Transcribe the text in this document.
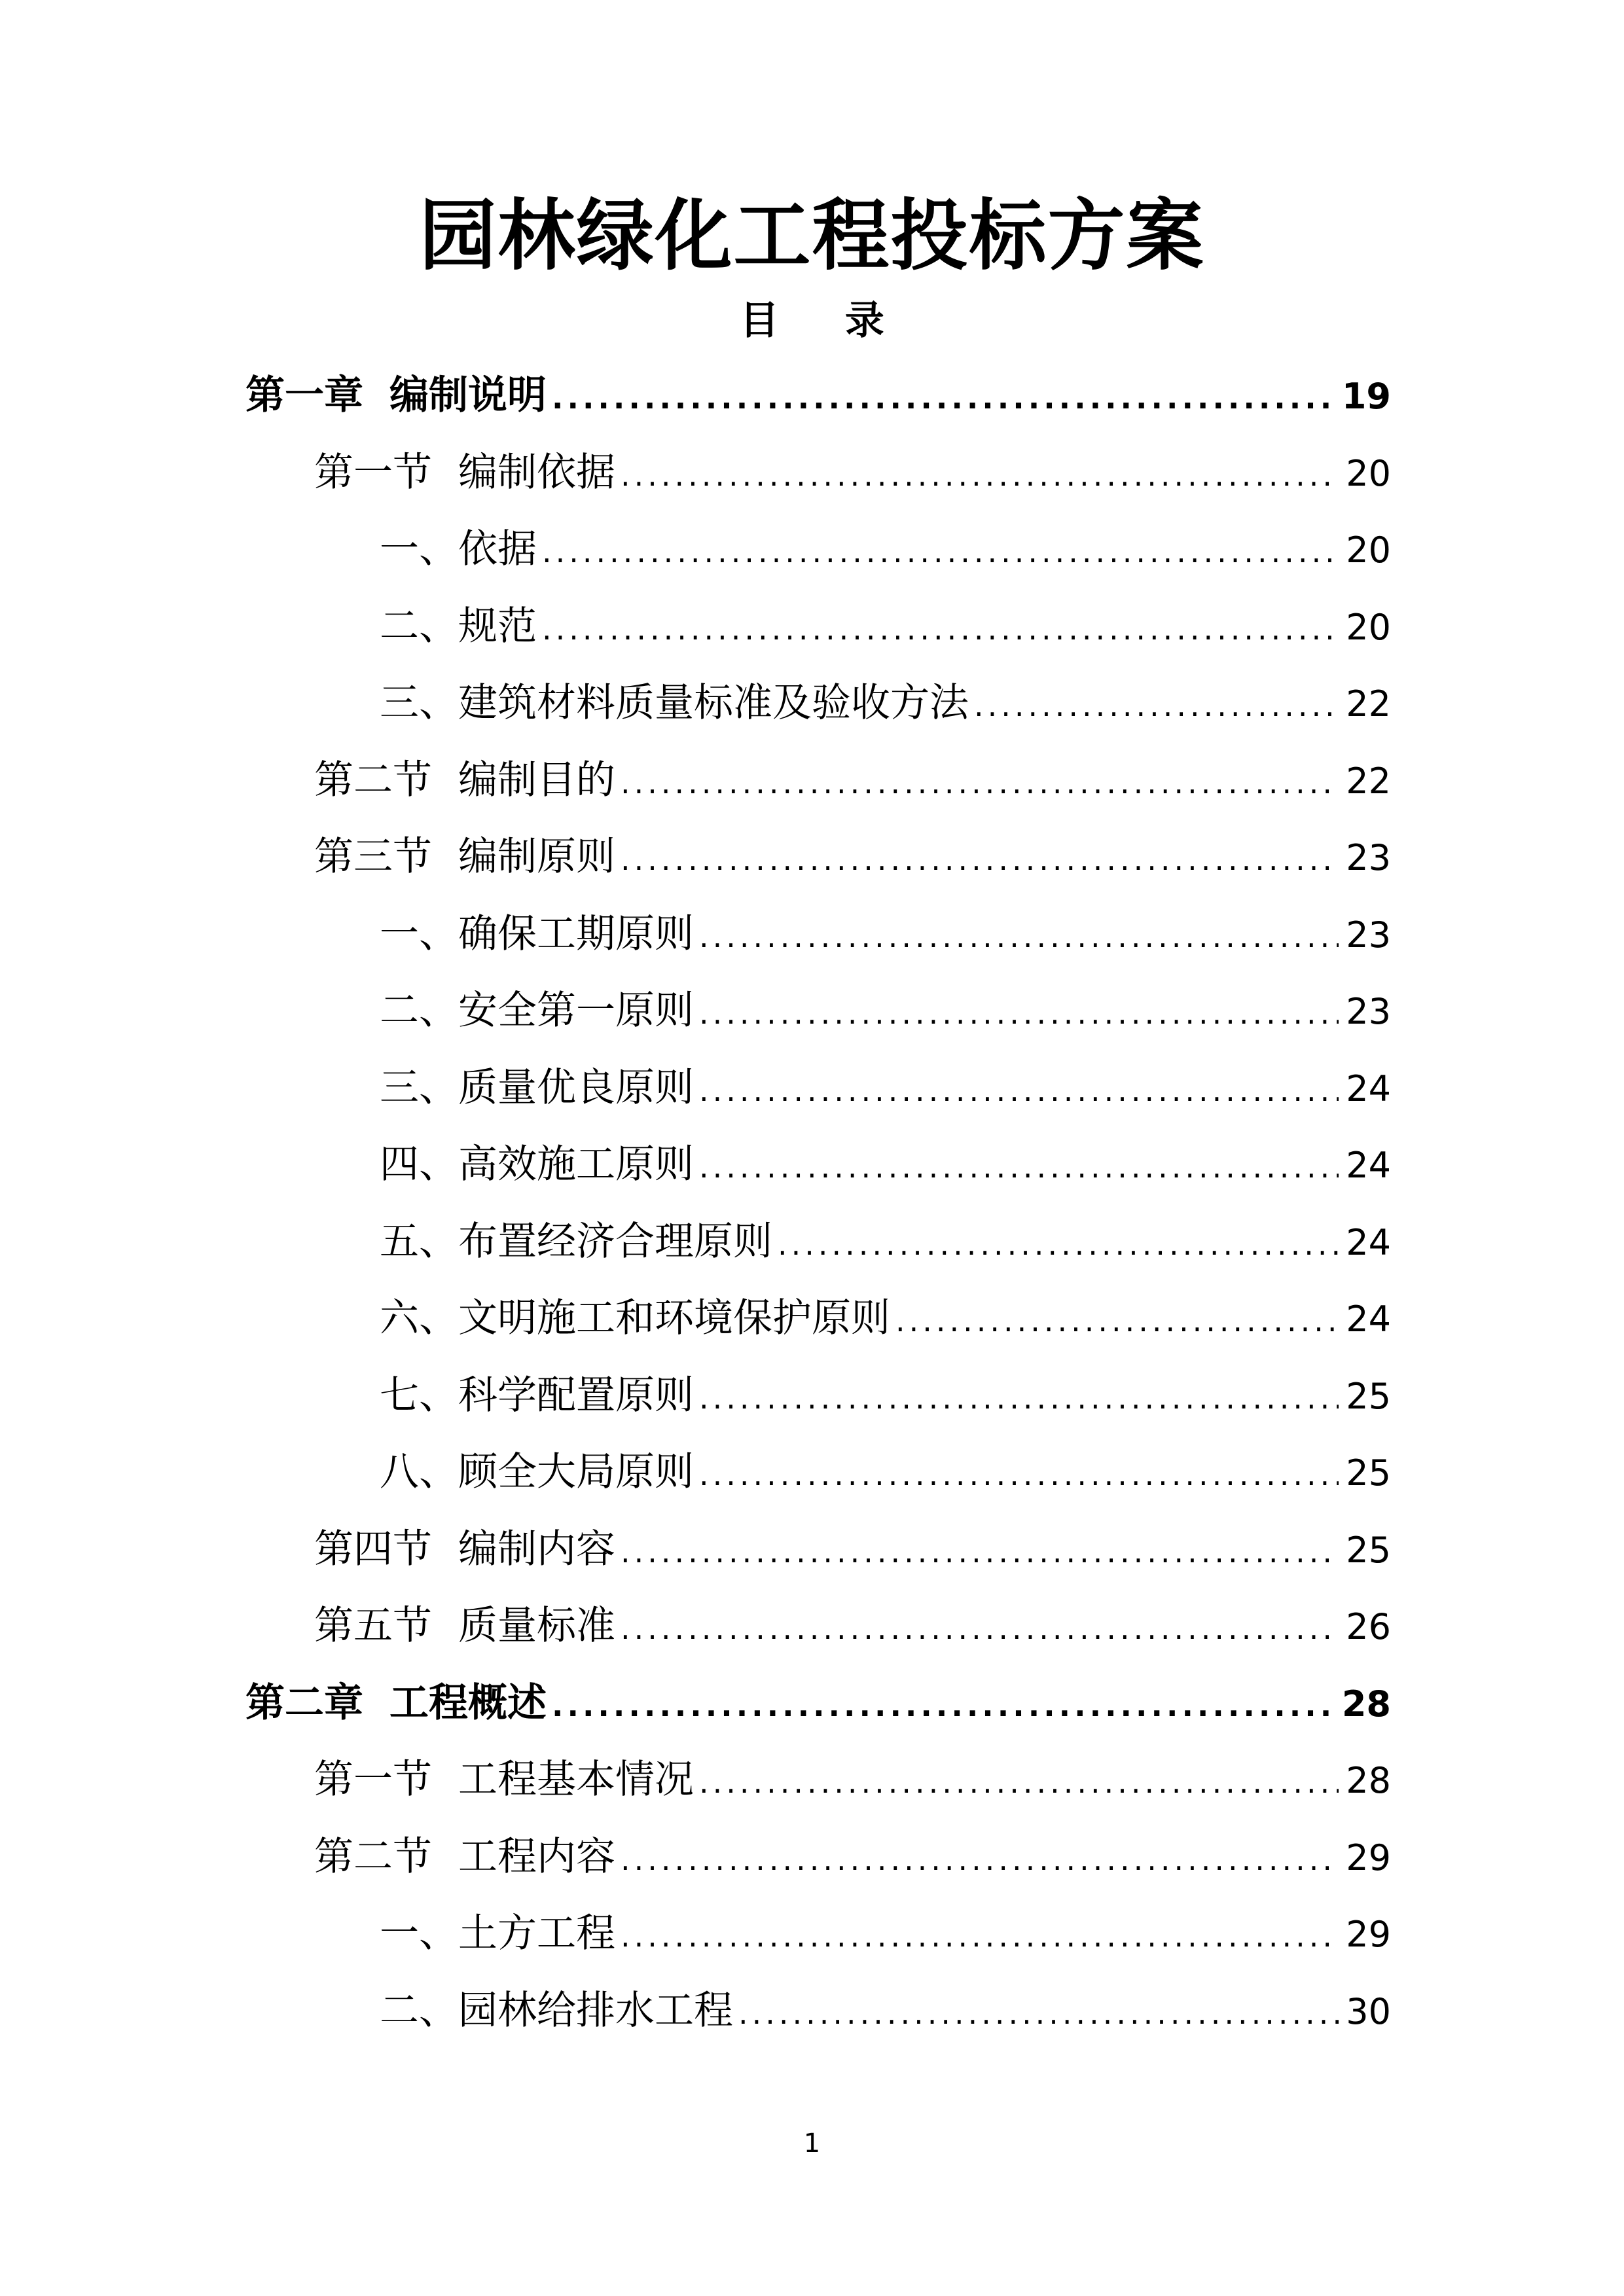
园林绿化工程投标方案
目 录
第一章 编制说明 .....	19
第一节 编制依据 .....	20
一、依据 .....	20
二、规范 .....	20
三、建筑材料质量标准及验收方法 .....	22
第二节 编制目的 .....	22
第三节 编制原则 .....	23
一、确保工期原则 .....	23
二、安全第一原则 .....	23
三、质量优良原则 .....	24
四、高效施工原则 .....	24
五、布置经济合理原则 .....	24
六、文明施工和环境保护原则 .....	24
七、科学配置原则 .....	25
八、顾全大局原则 .....	25
第四节 编制内容 .....	25
第五节 质量标准 .....	26
第二章 工程概述 .....	28
第一节 工程基本情况 .....	28
第二节 工程内容 .....	29
一、土方工程 .....	29
二、园林给排水工程 .....	30
1
